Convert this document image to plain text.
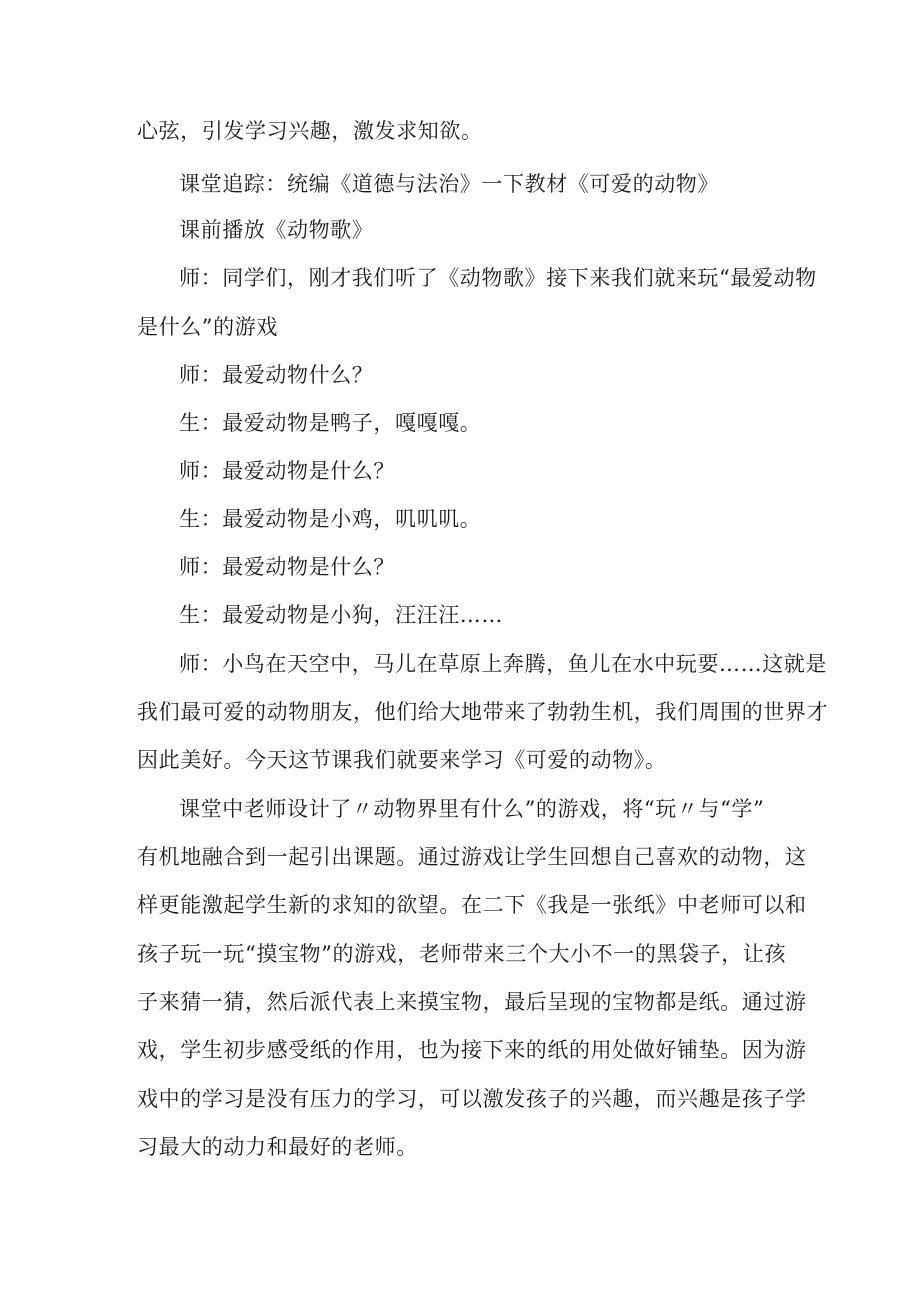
心弦，引发学习兴趣，激发求知欲。
课堂追踪：统编《道德与法治》一下教材《可爱的动物》
课前播放《动物歌》
师：同学们，刚才我们听了《动物歌》接下来我们就来玩“最爱动物
是什么”的游戏
师：最爱动物什么？
生：最爱动物是鸭子，嘎嘎嘎。
师：最爱动物是什么？
生：最爱动物是小鸡，叽叽叽。
师：最爱动物是什么？
生：最爱动物是小狗，汪汪汪……
师：小鸟在天空中，马儿在草原上奔腾，鱼儿在水中玩要……这就是
我们最可爱的动物朋友，他们给大地带来了勃勃生机，我们周围的世界才
因此美好。今天这节课我们就要来学习《可爱的动物》。
课堂中老师设计了〃动物界里有什么”的游戏，将“玩〃与“学”
有机地融合到一起引出课题。通过游戏让学生回想自己喜欢的动物，这
样更能激起学生新的求知的欲望。在二下《我是一张纸》中老师可以和
孩子玩一玩“摸宝物”的游戏，老师带来三个大小不一的黑袋子，让孩
子来猜一猜，然后派代表上来摸宝物，最后呈现的宝物都是纸。通过游
戏，学生初步感受纸的作用，也为接下来的纸的用处做好铺垫。因为游
戏中的学习是没有压力的学习，可以激发孩子的兴趣，而兴趣是孩子学
习最大的动力和最好的老师。
